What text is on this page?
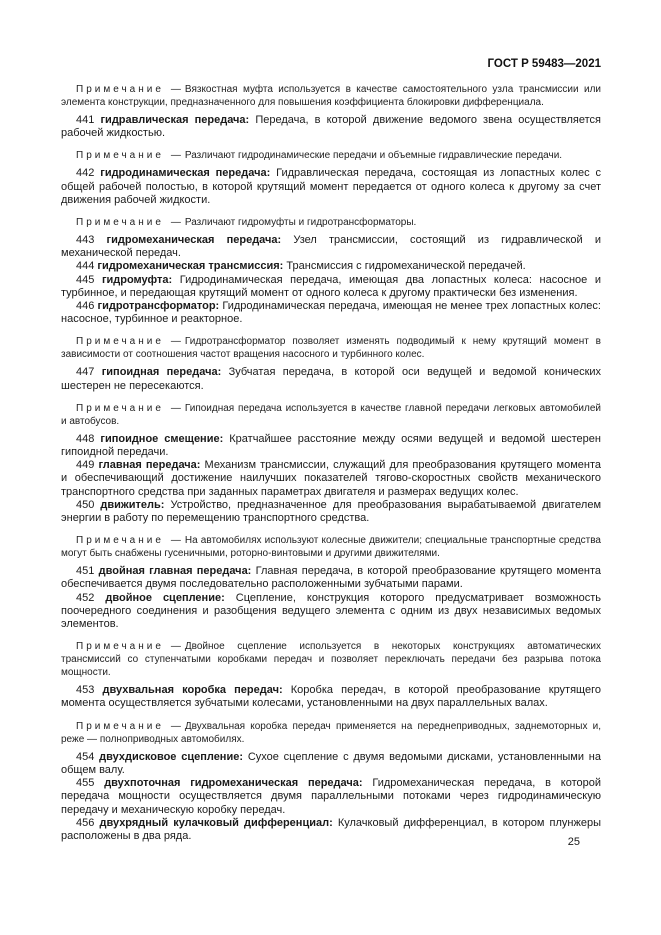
ГОСТ Р 59483—2021

Примечание — Вязкостная муфта используется в качестве самостоятельного узла трансмиссии или элемента конструкции, предназначенного для повышения коэффициента блокировки дифференциала.

441 гидравлическая передача: Передача, в которой движение ведомого звена осуществляется рабочей жидкостью.

Примечание — Различают гидродинамические передачи и объемные гидравлические передачи.

442 гидродинамическая передача: Гидравлическая передача, состоящая из лопастных колес с общей рабочей полостью, в которой крутящий момент передается от одного колеса к другому за счет движения рабочей жидкости.

Примечание — Различают гидромуфты и гидротрансформаторы.

443 гидромеханическая передача: Узел трансмиссии, состоящий из гидравлической и механической передач.

444 гидромеханическая трансмиссия: Трансмиссия с гидромеханической передачей.

445 гидромуфта: Гидродинамическая передача, имеющая два лопастных колеса: насосное и турбинное, и передающая крутящий момент от одного колеса к другому практически без изменения.

446 гидротрансформатор: Гидродинамическая передача, имеющая не менее трех лопастных колес: насосное, турбинное и реакторное.

Примечание — Гидротрансформатор позволяет изменять подводимый к нему крутящий момент в зависимости от соотношения частот вращения насосного и турбинного колес.

447 гипоидная передача: Зубчатая передача, в которой оси ведущей и ведомой конических шестерен не пересекаются.

Примечание — Гипоидная передача используется в качестве главной передачи легковых автомобилей и автобусов.

448 гипоидное смещение: Кратчайшее расстояние между осями ведущей и ведомой шестерен гипоидной передачи.

449 главная передача: Механизм трансмиссии, служащий для преобразования крутящего момента и обеспечивающий достижение наилучших показателей тягово-скоростных свойств механического транспортного средства при заданных параметрах двигателя и размерах ведущих колес.

450 движитель: Устройство, предназначенное для преобразования вырабатываемой двигателем энергии в работу по перемещению транспортного средства.

Примечание — На автомобилях используют колесные движители; специальные транспортные средства могут быть снабжены гусеничными, роторно-винтовыми и другими движителями.

451 двойная главная передача: Главная передача, в которой преобразование крутящего момента обеспечивается двумя последовательно расположенными зубчатыми парами.

452 двойное сцепление: Сцепление, конструкция которого предусматривает возможность поочередного соединения и разобщения ведущего элемента с одним из двух независимых ведомых элементов.

Примечание — Двойное сцепление используется в некоторых конструкциях автоматических трансмиссий со ступенчатыми коробками передач и позволяет переключать передачи без разрыва потока мощности.

453 двухвальная коробка передач: Коробка передач, в которой преобразование крутящего момента осуществляется зубчатыми колесами, установленными на двух параллельных валах.

Примечание — Двухвальная коробка передач применяется на переднеприводных, заднемоторных и, реже — полноприводных автомобилях.

454 двухдисковое сцепление: Сухое сцепление с двумя ведомыми дисками, установленными на общем валу.

455 двухпоточная гидромеханическая передача: Гидромеханическая передача, в которой передача мощности осуществляется двумя параллельными потоками через гидродинамическую передачу и механическую коробку передач.

456 двухрядный кулачковый дифференциал: Кулачковый дифференциал, в котором плунжеры расположены в два ряда.

25
